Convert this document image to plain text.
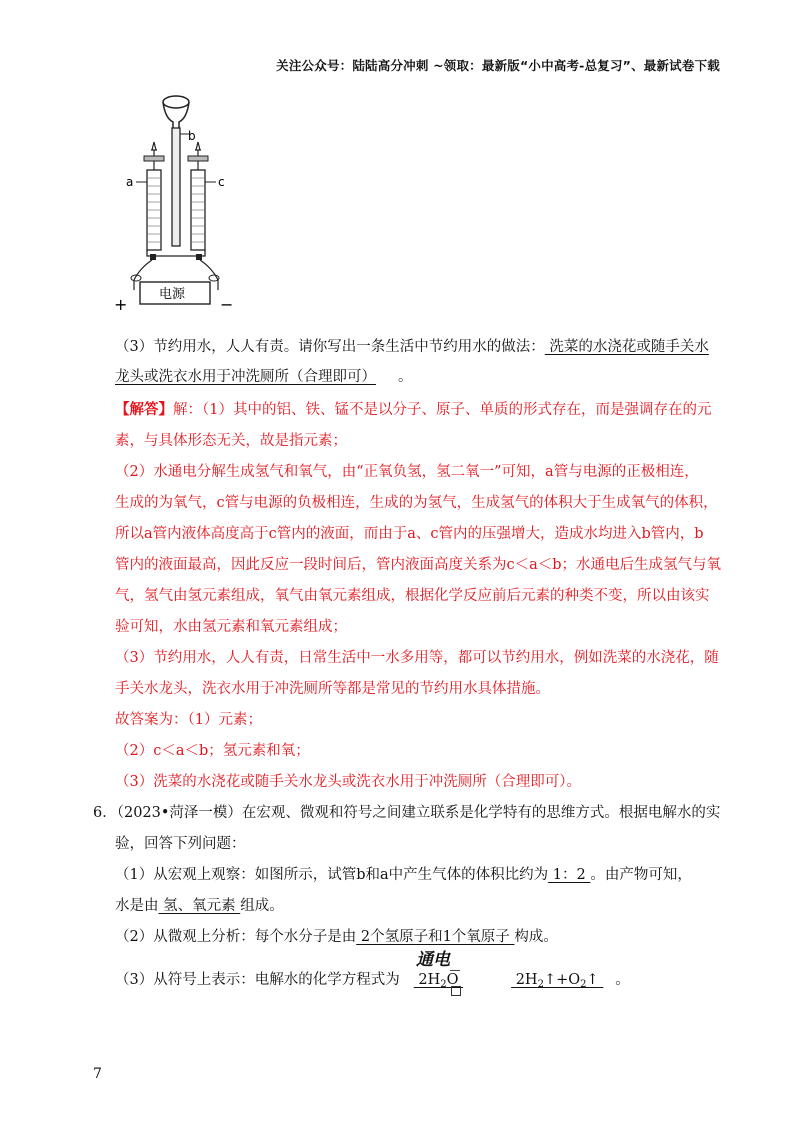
关注公众号：陆陆高分冲刺 ~领取：最新版“小中高考-总复习”、最新试卷下载
b
a	c
电源
+	−
（3）节约用水，人人有责。请你写出一条生活中节约用水的做法： 洗菜的水浇花或随手关水
龙头或洗衣水用于冲洗厕所（合理即可） 。
【解答】解：（1）其中的铝、铁、锰不是以分子、原子、单质的形式存在，而是强调存在的元
素，与具体形态无关，故是指元素；
（2）水通电分解生成氢气和氧气，由“正氧负氢，氢二氧一”可知，a管与电源的正极相连，
生成的为氧气，c管与电源的负极相连，生成的为氢气，生成氢气的体积大于生成氧气的体积，
所以a管内液体高度高于c管内的液面，而由于a、c管内的压强增大，造成水均进入b管内，b
管内的液面最高，因此反应一段时间后，管内液面高度关系为c＜a＜b；水通电后生成氢气与氧
气，氢气由氢元素组成，氧气由氧元素组成，根据化学反应前后元素的种类不变，所以由该实
验可知，水由氢元素和氧元素组成；
（3）节约用水，人人有责，日常生活中一水多用等，都可以节约用水，例如洗菜的水浇花，随
手关水龙头，洗衣水用于冲洗厕所等都是常见的节约用水具体措施。
故答案为：（1）元素；
（2）c＜a＜b；氢元素和氧；
（3）洗菜的水浇花或随手关水龙头或洗衣水用于冲洗厕所（合理即可）。
6．（2023•菏泽一模）在宏观、微观和符号之间建立联系是化学特有的思维方式。根据电解水的实
验，回答下列问题：
（1）从宏观上观察：如图所示，试管b和a中产生气体的体积比约为 1：2 。由产物可知，
水是由 氢、氧元素 组成。
（2）从微观上分析：每个水分子是由 2个氢原子和1个氧原子 构成。
通电
（3）从符号上表示：电解水的化学方程式为 $2H_2O$	$2H_2↑+O_2↑$ 。
7
